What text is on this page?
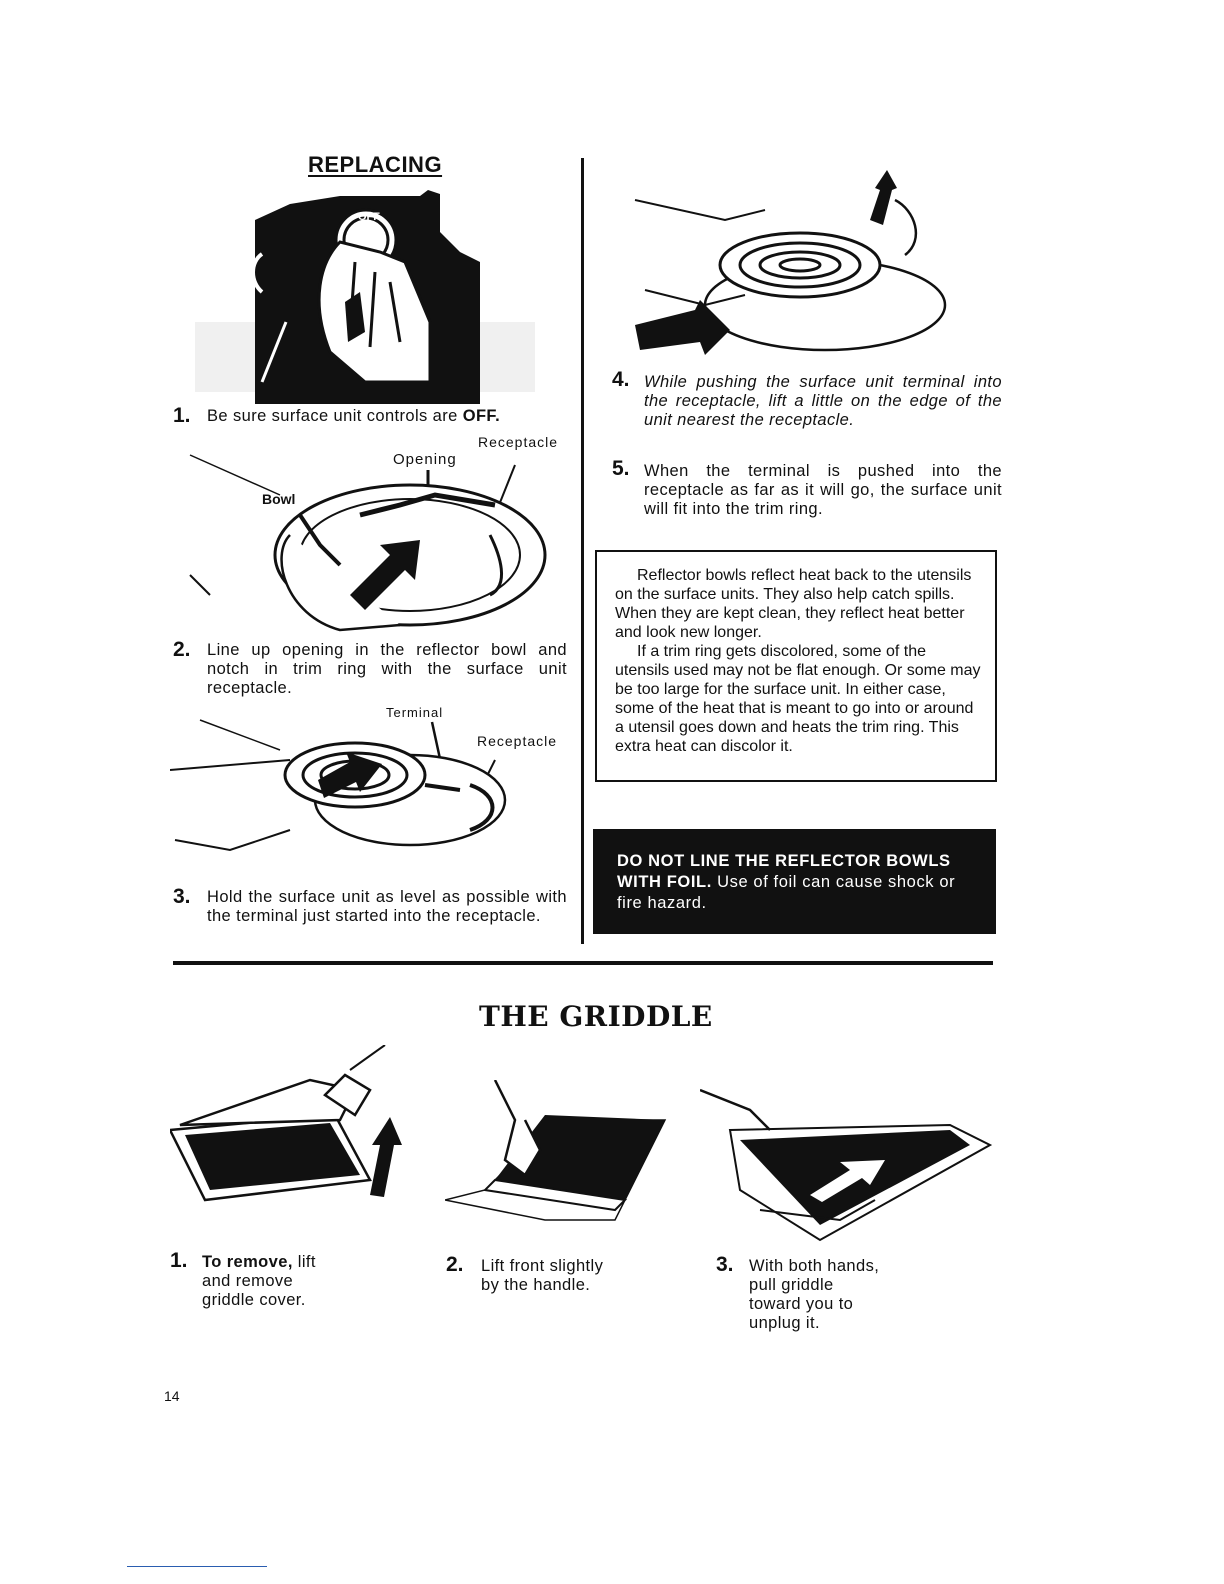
REPLACING
OFF
1. Be sure surface unit controls are OFF.
Receptacle
Opening
Bowl
2. Line up opening in the reflector bowl and notch in trim ring with the surface unit receptacle.
Terminal
Receptacle
3. Hold the surface unit as level as possible with the terminal just started into the receptacle.
4. While pushing the surface unit terminal into the receptacle, lift a little on the edge of the unit nearest the receptacle.
5. When the terminal is pushed into the receptacle as far as it will go, the surface unit will fit into the trim ring.
Reflector bowls reflect heat back to the utensils on the surface units. They also help catch spills. When they are kept clean, they reflect heat better and look new longer.
If a trim ring gets discolored, some of the utensils used may not be flat enough. Or some may be too large for the surface unit. In either case, some of the heat that is meant to go into or around a utensil goes down and heats the trim ring. This extra heat can discolor it.
DO NOT LINE THE REFLECTOR BOWLS WITH FOIL. Use of foil can cause shock or fire hazard.
THE GRIDDLE
1. To remove, lift and remove griddle cover.
2. Lift front slightly by the handle.
3. With both hands, pull griddle toward you to unplug it.
14
